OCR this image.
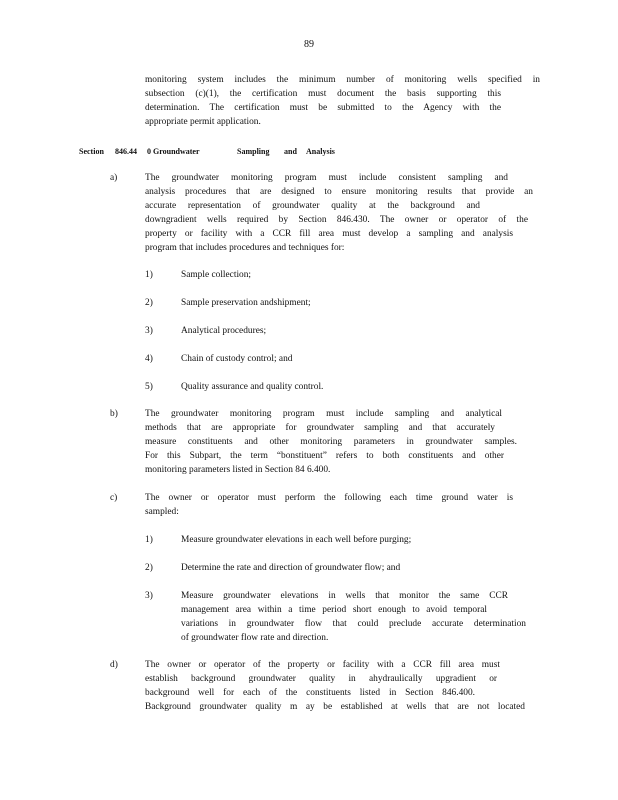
89

monitoring system includes the minimum number of monitoring wells specified in

subsection (c)(1), the certification must document the basis supporting this

determination. The certification must be submitted to the Agency with the

appropriate permit application.

Section 846.44 0 Groundwater	Sampling and Analysis

a)	The groundwater monitoring program must include consistent sampling and

analysis procedures that are designed to ensure monitoring results that provide an

accurate representation of groundwater quality at the background and

downgradient wells required by Section 846.430. The owner or operator of the

property or facility with a CCR fill area must develop a sampling and analysis

program that includes procedures and techniques for:

1)	Sample collection;

2)	Sample preservation andshipment;

3)	Analytical procedures;

4)	Chain of custody control; and

5)	Quality assurance and quality control.

b)	The groundwater monitoring program must include sampling and analytical

methods that are appropriate for groundwater sampling and that accurately

measure constituents and other monitoring parameters in groundwater samples.

For this Subpart, the term “bonstituent” refers to both constituents and other

monitoring parameters listed in Section 84 6.400.

c)	The owner or operator must perform the following each time ground water is

sampled:

1)	Measure groundwater elevations in each well before purging;

2)	Determine the rate and direction of groundwater flow; and

3)	Measure groundwater elevations in wells that monitor the same CCR

management area within a time period short enough to avoid temporal

variations in groundwater flow that could preclude accurate determination

of groundwater flow rate and direction.

d)	The owner or operator of the property or facility with a CCR fill area must

establish background groundwater quality in ahydraulically upgradient or

background well for each of the constituents listed in Section 846.400.

Background groundwater quality m ay be established at wells that are not located
